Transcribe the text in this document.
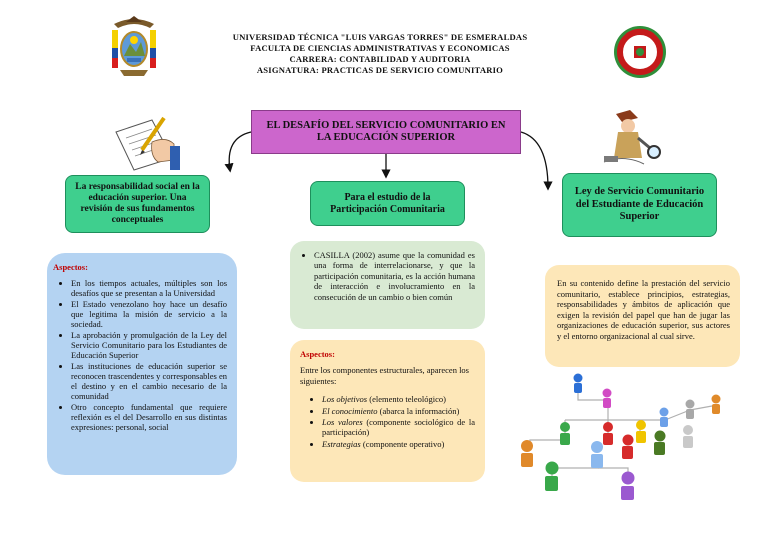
UNIVERSIDAD TÉCNICA "LUIS VARGAS TORRES" DE ESMERALDAS
FACULTA DE CIENCIAS ADMINISTRATIVAS Y ECONOMICAS
CARRERA: CONTABILIDAD Y AUDITORIA
ASIGNATURA: PRACTICAS DE SERVICIO COMUNITARIO
EL DESAFÍO DEL SERVICIO COMUNITARIO EN LA EDUCACIÓN SUPERIOR
La responsabilidad social en la educación superior. Una revisión de sus fundamentos conceptuales
Para el estudio de la Participación Comunitaria
Ley de Servicio Comunitario del Estudiante de Educación Superior
Aspectos:
• En los tiempos actuales, múltiples son los desafíos que se presentan a la Universidad
• El Estado venezolano hoy hace un desafío que legitima la misión de servicio a la sociedad.
• La aprobación y promulgación de la Ley del Servicio Comunitario para los Estudiantes de Educación Superior
• Las instituciones de educación superior se reconocen trascendentes y corresponsables en el destino y en el cambio necesario de la comunidad
• Otro concepto fundamental que requiere reflexión es el del Desarrollo en sus distintas expresiones: personal, social
• CASILLA (2002) asume que la comunidad es una forma de interrelacionarse, y que la participación comunitaria, es la acción humana de interacción e involucramiento en la consecución de un cambio o bien común
Aspectos:
Entre los componentes estructurales, aparecen los siguientes:
• Los objetivos (elemento teleológico)
• El conocimiento (abarca la información)
• Los valores (componente sociológico de la participación)
• Estrategias (componente operativo)
En su contenido define la prestación del servicio comunitario, establece principios, estrategias, responsabilidades y ámbitos de aplicación que exigen la revisión del papel que han de jugar las organizaciones de educación superior, sus actores y el entorno organizacional al cual sirve.
